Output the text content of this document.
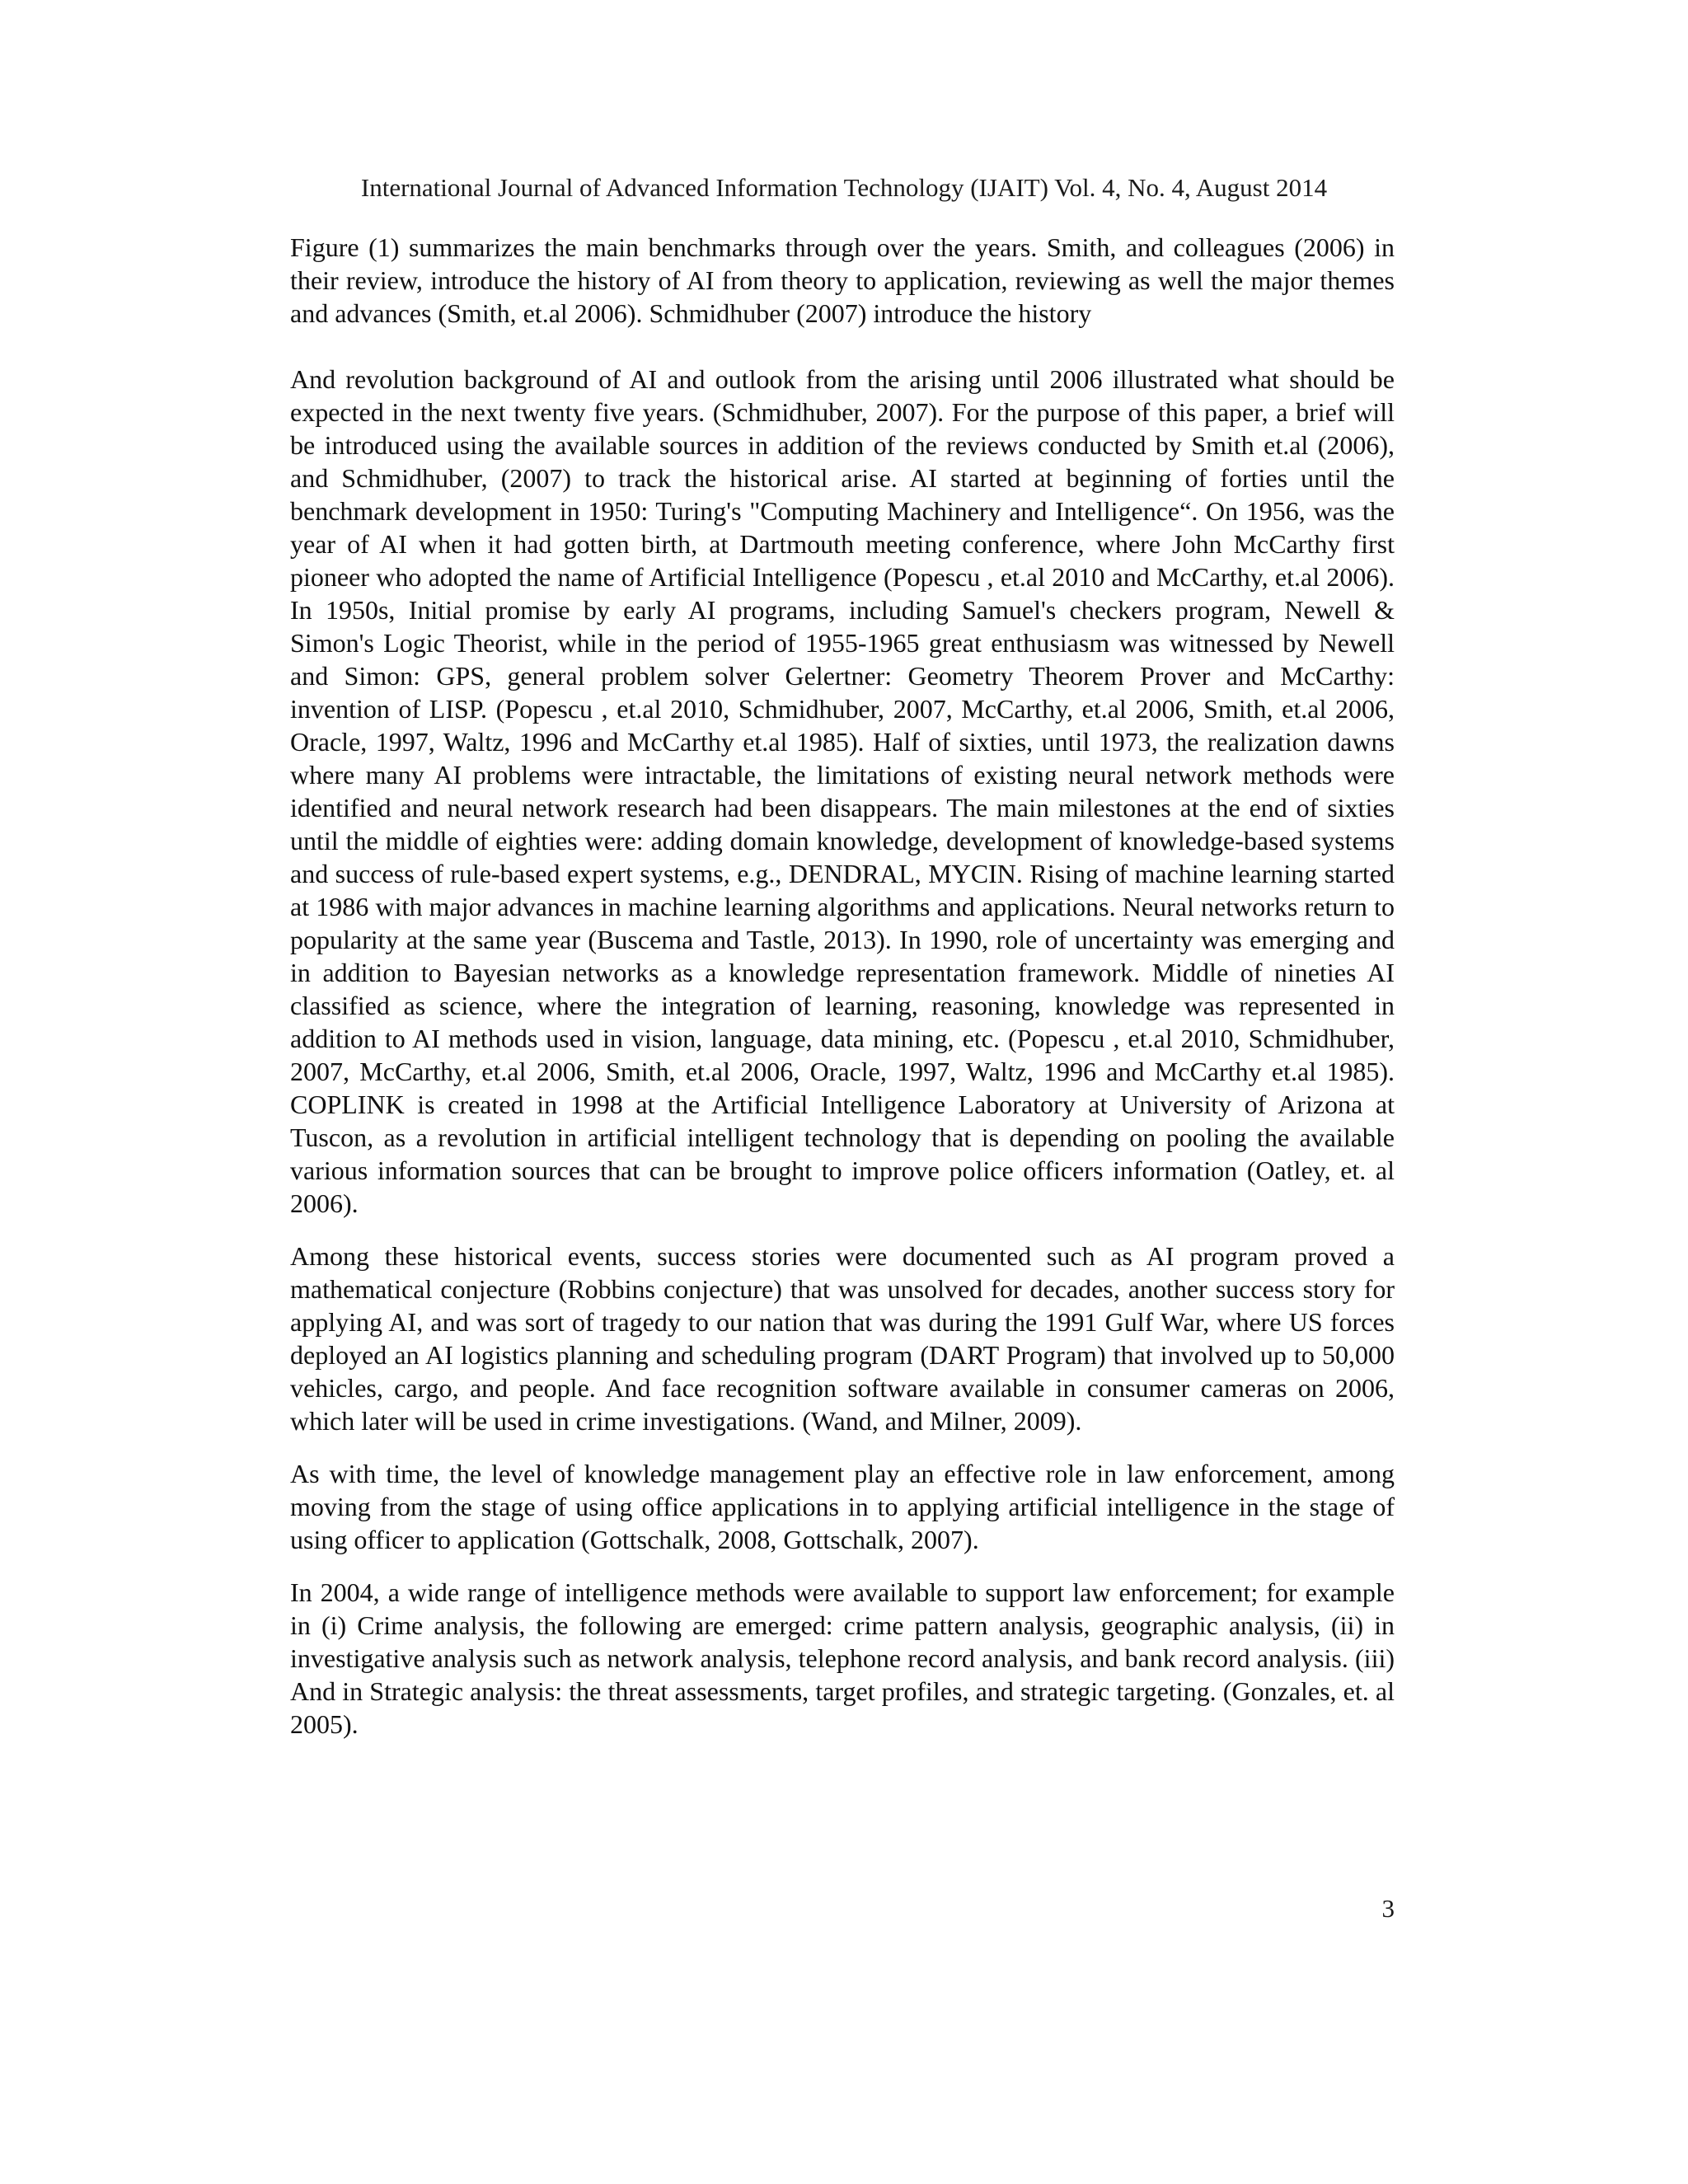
International Journal of Advanced Information Technology (IJAIT) Vol. 4, No. 4, August 2014

Figure (1) summarizes the main benchmarks through over the years. Smith, and colleagues (2006) in their review, introduce the history of AI from theory to application, reviewing as well the major themes and advances (Smith, et.al 2006). Schmidhuber (2007) introduce the history

And revolution background of AI and outlook from the arising until 2006 illustrated what should be expected in the next twenty five years. (Schmidhuber, 2007). For the purpose of this paper, a brief will be introduced using the available sources in addition of the reviews conducted by Smith et.al (2006), and Schmidhuber, (2007) to track the historical arise. AI started at beginning of forties until the benchmark development in 1950: Turing's "Computing Machinery and Intelligence“. On 1956, was the year of AI when it had gotten birth, at Dartmouth meeting conference, where John McCarthy first pioneer who adopted the name of Artificial Intelligence (Popescu , et.al 2010 and McCarthy, et.al 2006). In 1950s, Initial promise by early AI programs, including Samuel's checkers program, Newell & Simon's Logic Theorist, while in the period of 1955-1965 great enthusiasm was witnessed by Newell and Simon: GPS, general problem solver Gelertner: Geometry Theorem Prover and McCarthy: invention of LISP. (Popescu , et.al 2010, Schmidhuber, 2007, McCarthy, et.al 2006, Smith, et.al 2006, Oracle, 1997, Waltz, 1996 and McCarthy et.al 1985). Half of sixties, until 1973, the realization dawns where many AI problems were intractable, the limitations of existing neural network methods were identified and neural network research had been disappears. The main milestones at the end of sixties until the middle of eighties were: adding domain knowledge, development of knowledge-based systems and success of rule-based expert systems, e.g., DENDRAL, MYCIN. Rising of machine learning started at 1986 with major advances in machine learning algorithms and applications. Neural networks return to popularity at the same year (Buscema and Tastle, 2013). In 1990, role of uncertainty was emerging and in addition to Bayesian networks as a knowledge representation framework. Middle of nineties AI classified as science, where the integration of learning, reasoning, knowledge was represented in addition to AI methods used in vision, language, data mining, etc. (Popescu , et.al 2010, Schmidhuber, 2007, McCarthy, et.al 2006, Smith, et.al 2006, Oracle, 1997, Waltz, 1996 and McCarthy et.al 1985). COPLINK is created in 1998 at the Artificial Intelligence Laboratory at University of Arizona at Tuscon, as a revolution in artificial intelligent technology that is depending on pooling the available various information sources that can be brought to improve police officers information (Oatley, et. al 2006).

Among these historical events, success stories were documented such as AI program proved a mathematical conjecture (Robbins conjecture) that was unsolved for decades, another success story for applying AI, and was sort of tragedy to our nation that was during the 1991 Gulf War, where US forces deployed an AI logistics planning and scheduling program (DART Program) that involved up to 50,000 vehicles, cargo, and people. And face recognition software available in consumer cameras on 2006, which later will be used in crime investigations. (Wand, and Milner, 2009).

As with time, the level of knowledge management play an effective role in law enforcement, among moving from the stage of using office applications in to applying artificial intelligence in the stage of using officer to application (Gottschalk, 2008, Gottschalk, 2007).

In 2004, a wide range of intelligence methods were available to support law enforcement; for example in (i) Crime analysis, the following are emerged: crime pattern analysis, geographic analysis, (ii) in investigative analysis such as network analysis, telephone record analysis, and bank record analysis. (iii) And in Strategic analysis: the threat assessments, target profiles, and strategic targeting. (Gonzales, et. al 2005).

3
